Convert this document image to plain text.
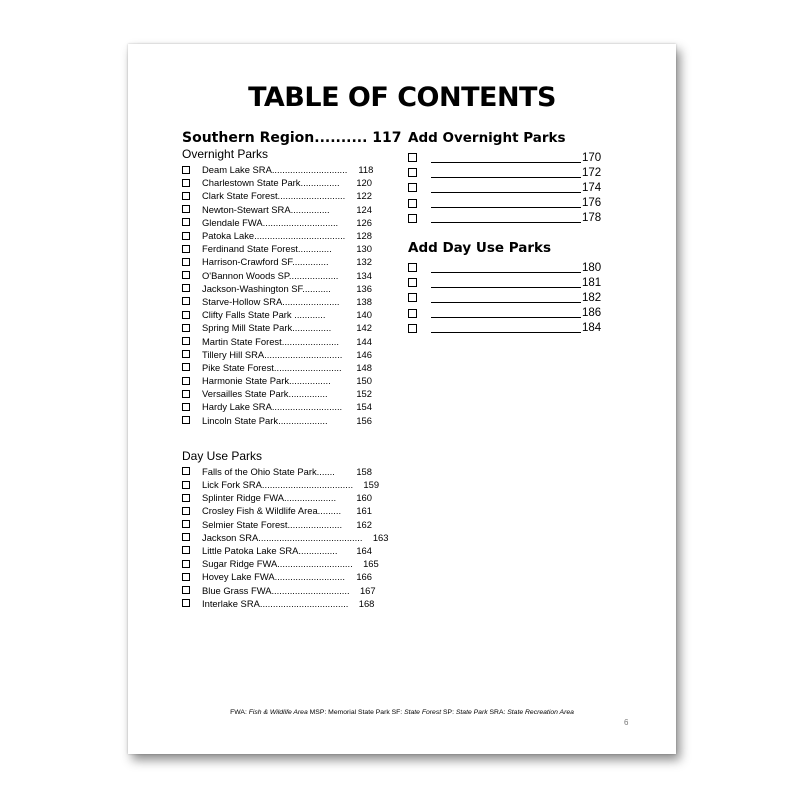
TABLE OF CONTENTS
Southern Region.......... 117
Overnight Parks
Deam Lake SRA.............................	118
Charlestown State Park...............	120
Clark State Forest..........................	122
Newton-Stewart SRA...............	124
Glendale FWA.............................	126
Patoka Lake...................................	128
Ferdinand State Forest.............	130
Harrison-Crawford SF..............	132
O'Bannon Woods SP...................	134
Jackson-Washington SF...........	136
Starve-Hollow SRA......................	138
Clifty Falls State Park ............	140
Spring Mill State Park...............	142
Martin State Forest......................	144
Tillery Hill SRA..............................	146
Pike State Forest..........................	148
Harmonie State Park................	150
Versailles State Park...............	152
Hardy Lake SRA...........................	154
Lincoln State Park...................	156
Day Use Parks
Falls of the Ohio State Park.......	158
Lick Fork SRA...................................	159
Splinter Ridge FWA....................	160
Crosley Fish & Wildlife Area.........	161
Selmier State Forest.....................	162
Jackson SRA........................................	163
Little Patoka Lake SRA...............	164
Sugar Ridge FWA.............................	165
Hovey Lake FWA...........................	166
Blue Grass FWA..............................	167
Interlake SRA..................................	168
Add Overnight Parks
170
172
174
176
178
Add Day Use Parks
180
181
182
186
184
FWA: Fish & Wildlife Area MSP: Memorial State Park SF: State Forest SP: State Park SRA: State Recreation Area
6
